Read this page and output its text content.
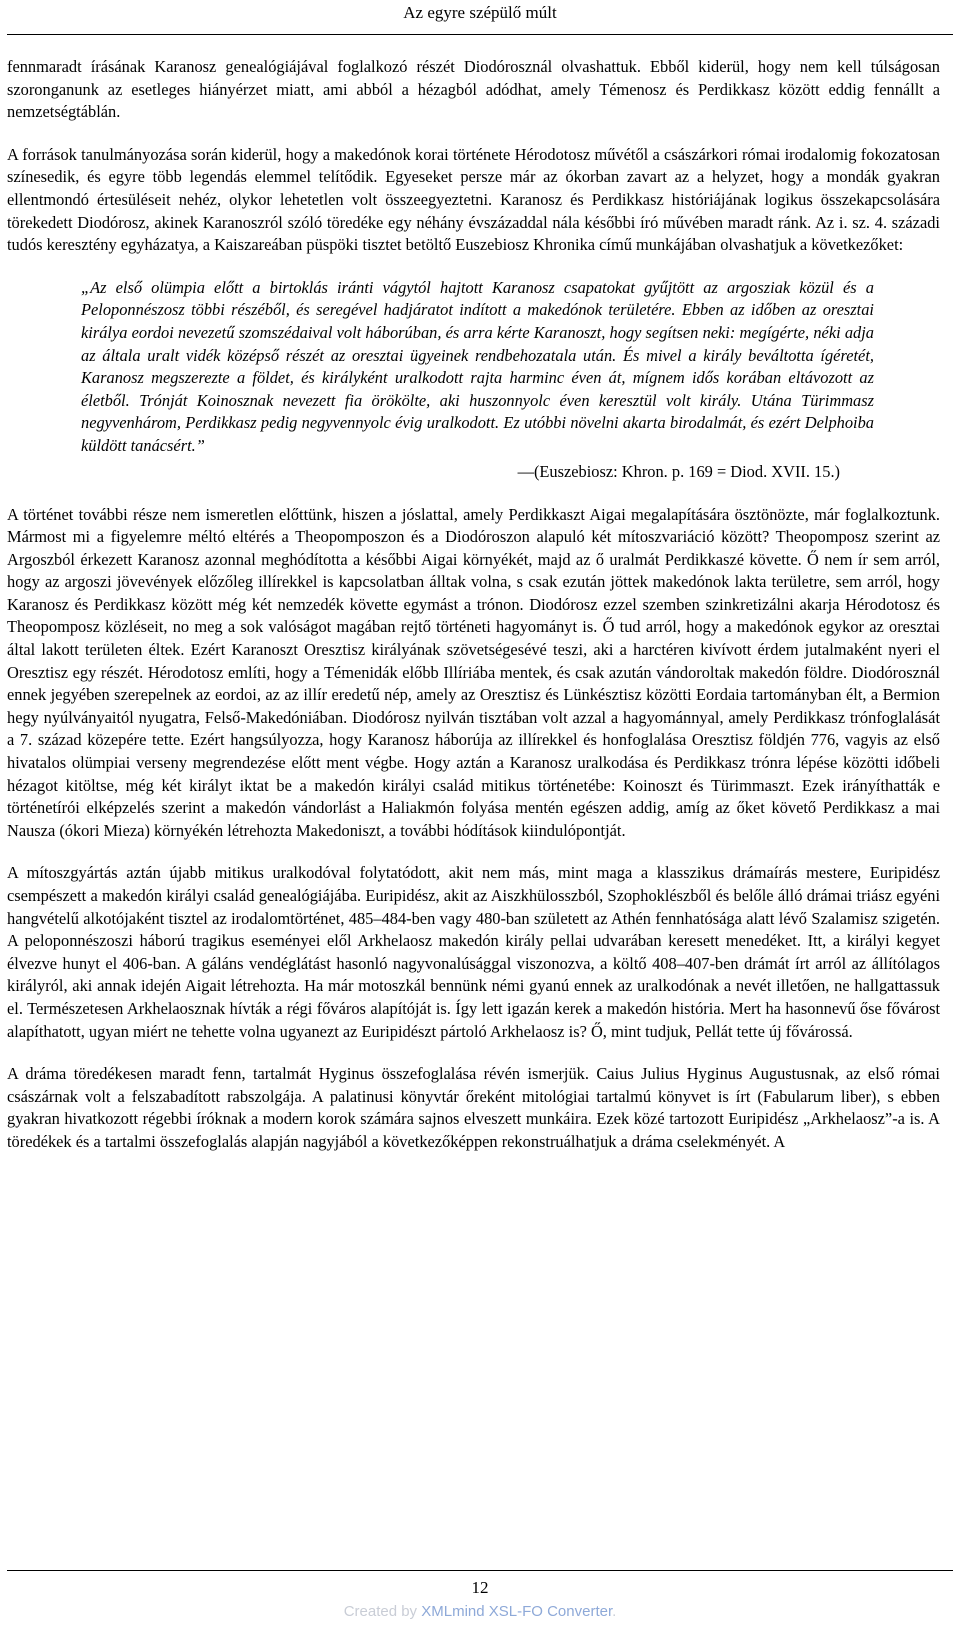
Az egyre szépülő múlt

fennmaradt írásának Karanosz genealógiájával foglalkozó részét Diodórosznál olvashattuk. Ebből kiderül, hogy nem kell túlságosan szoronganunk az esetleges hiányérzet miatt, ami abból a hézagból adódhat, amely Témenosz és Perdikkasz között eddig fennállt a nemzetségtáblán.

A források tanulmányozása során kiderül, hogy a makedónok korai története Hérodotosz művétől a császárkori római irodalomig fokozatosan színesedik, és egyre több legendás elemmel telítődik. Egyeseket persze már az ókorban zavart az a helyzet, hogy a mondák gyakran ellentmondó értesüléseit nehéz, olykor lehetetlen volt összeegyeztetni. Karanosz és Perdikkasz históriájának logikus összekapcsolására törekedett Diodórosz, akinek Karanoszról szóló töredéke egy néhány évszázaddal nála későbbi író művében maradt ránk. Az i. sz. 4. századi tudós keresztény egyházatya, a Kaiszareában püspöki tisztet betöltő Euszebiosz Khronika című munkájában olvashatjuk a következőket:

„Az első olümpia előtt a birtoklás iránti vágytól hajtott Karanosz csapatokat gyűjtött az argosziak közül és a Peloponnészosz többi részéből, és seregével hadjáratot indított a makedónok területére. Ebben az időben az oresztai királya eordoi nevezetű szomszédaival volt háborúban, és arra kérte Karanoszt, hogy segítsen neki: megígérte, néki adja az általa uralt vidék középső részét az oresztai ügyeinek rendbehozatala után. És mivel a király beváltotta ígéretét, Karanosz megszerezte a földet, és királyként uralkodott rajta harminc éven át, mígnem idős korában eltávozott az életből. Trónját Koinosznak nevezett fia örökölte, aki huszonnyolc éven keresztül volt király. Utána Türimmasz negyvenhárom, Perdikkasz pedig negyvennyolc évig uralkodott. Ez utóbbi növelni akarta birodalmát, és ezért Delphoiba küldött tanácsért.”
—(Euszebiosz: Khron. p. 169 = Diod. XVII. 15.)

A történet további része nem ismeretlen előttünk, hiszen a jóslattal, amely Perdikkaszt Aigai megalapítására ösztönözte, már foglalkoztunk. Mármost mi a figyelemre méltó eltérés a Theopomposzon és a Diodóroszon alapuló két mítoszvariáció között? Theopomposz szerint az Argoszból érkezett Karanosz azonnal meghódította a későbbi Aigai környékét, majd az ő uralmát Perdikkaszé követte. Ő nem ír sem arról, hogy az argoszi jövevények előzőleg illírekkel is kapcsolatban álltak volna, s csak ezután jöttek makedónok lakta területre, sem arról, hogy Karanosz és Perdikkasz között még két nemzedék követte egymást a trónon. Diodórosz ezzel szemben szinkretizálni akarja Hérodotosz és Theopomposz közléseit, no meg a sok valóságot magában rejtő történeti hagyományt is. Ő tud arról, hogy a makedónok egykor az oresztai által lakott területen éltek. Ezért Karanoszt Oresztisz királyának szövetségesévé teszi, aki a harctéren kivívott érdem jutalmaként nyeri el Oresztisz egy részét. Hérodotosz említi, hogy a Témenidák előbb Illíriába mentek, és csak azután vándoroltak makedón földre. Diodórosznál ennek jegyében szerepelnek az eordoi, az az illír eredetű nép, amely az Oresztisz és Lünkésztisz közötti Eordaia tartományban élt, a Bermion hegy nyúlványaitól nyugatra, Felső-Makedóniában. Diodórosz nyilván tisztában volt azzal a hagyománnyal, amely Perdikkasz trónfoglalását a 7. század közepére tette. Ezért hangsúlyozza, hogy Karanosz háborúja az illírekkel és honfoglalása Oresztisz földjén 776, vagyis az első hivatalos olümpiai verseny megrendezése előtt ment végbe. Hogy aztán a Karanosz uralkodása és Perdikkasz trónra lépése közötti időbeli hézagot kitöltse, még két királyt iktat be a makedón királyi család mitikus történetébe: Koinoszt és Türimmaszt. Ezek irányíthatták e történetírói elképzelés szerint a makedón vándorlást a Haliakmón folyása mentén egészen addig, amíg az őket követő Perdikkasz a mai Nausza (ókori Mieza) környékén létrehozta Makedoniszt, a további hódítások kiindulópontját.

A mítoszgyártás aztán újabb mitikus uralkodóval folytatódott, akit nem más, mint maga a klasszikus drámaírás mestere, Euripidész csempészett a makedón királyi család genealógiájába. Euripidész, akit az Aiszkhülosszból, Szophoklészből és belőle álló drámai triász egyéni hangvételű alkotójaként tisztel az irodalomtörténet, 485–484-ben vagy 480-ban született az Athén fennhatósága alatt lévő Szalamisz szigetén. A peloponnészoszi háború tragikus eseményei elől Arkhelaosz makedón király pellai udvarában keresett menedéket. Itt, a királyi kegyet élvezve hunyt el 406-ban. A gáláns vendéglátást hasonló nagyvonalúsággal viszonozva, a költő 408–407-ben drámát írt arról az állítólagos királyról, aki annak idején Aigait létrehozta. Ha már motoszkál bennünk némi gyanú ennek az uralkodónak a nevét illetően, ne hallgattassuk el. Természetesen Arkhelaosznak hívták a régi főváros alapítóját is. Így lett igazán kerek a makedón história. Mert ha hasonnevű őse fővárost alapíthatott, ugyan miért ne tehette volna ugyanezt az Euripidészt pártoló Arkhelaosz is? Ő, mint tudjuk, Pellát tette új fővárossá.

A dráma töredékesen maradt fenn, tartalmát Hyginus összefoglalása révén ismerjük. Caius Julius Hyginus Augustusnak, az első római császárnak volt a felszabadított rabszolgája. A palatinusi könyvtár őreként mitológiai tartalmú könyvet is írt (Fabularum liber), s ebben gyakran hivatkozott régebbi íróknak a modern korok számára sajnos elveszett munkáira. Ezek közé tartozott Euripidész „Arkhelaosz”-a is. A töredékek és a tartalmi összefoglalás alapján nagyjából a következőképpen rekonstruálhatjuk a dráma cselekményét. A

12
Created by XMLmind XSL-FO Converter.
